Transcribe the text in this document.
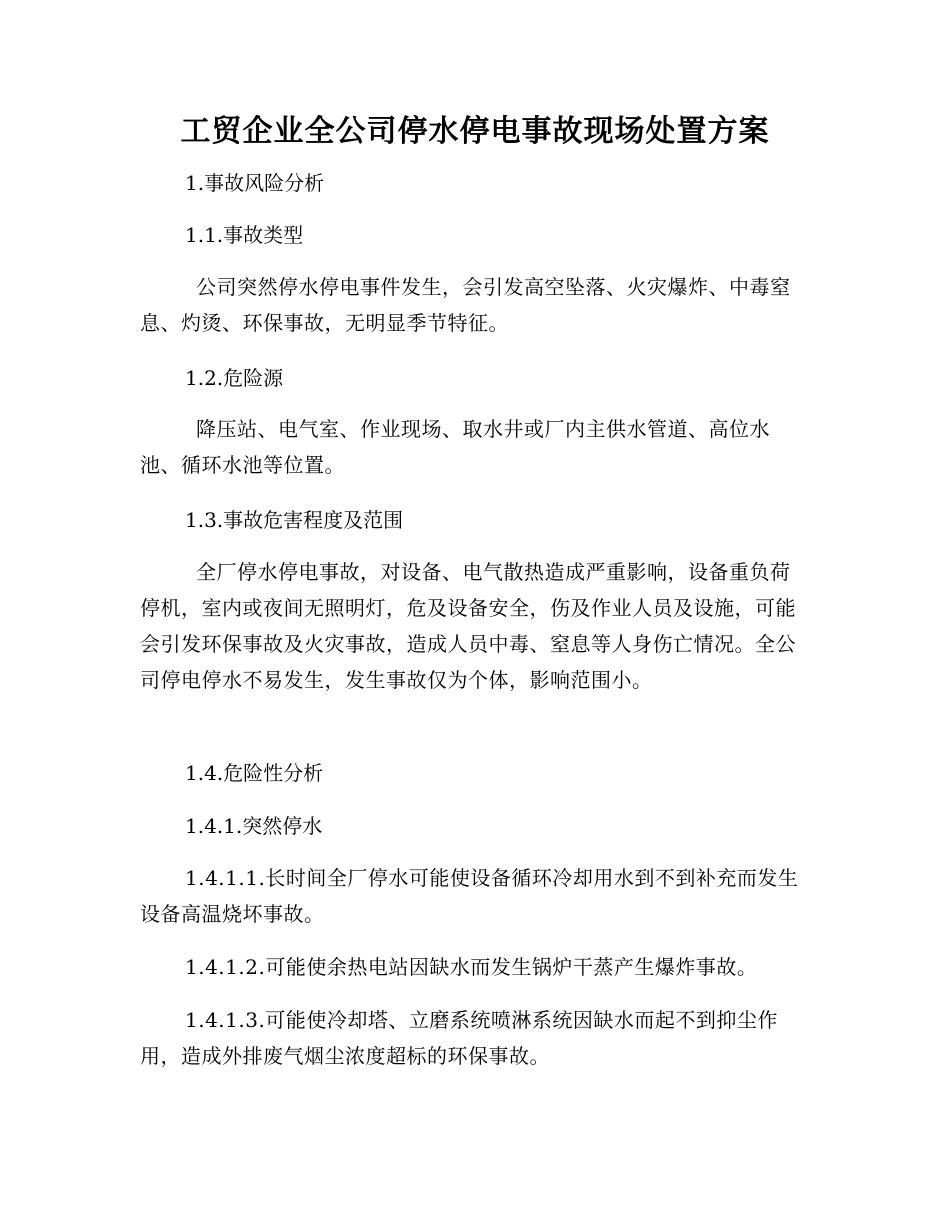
工贸企业全公司停水停电事故现场处置方案
1.事故风险分析
1.1.事故类型
公司突然停水停电事件发生，会引发高空坠落、火灾爆炸、中毒窒息、灼烫、环保事故，无明显季节特征。
1.2.危险源
降压站、电气室、作业现场、取水井或厂内主供水管道、高位水池、循环水池等位置。
1.3.事故危害程度及范围
全厂停水停电事故，对设备、电气散热造成严重影响，设备重负荷停机，室内或夜间无照明灯，危及设备安全，伤及作业人员及设施，可能会引发环保事故及火灾事故，造成人员中毒、窒息等人身伤亡情况。全公司停电停水不易发生，发生事故仅为个体，影响范围小。
1.4.危险性分析
1.4.1.突然停水
1.4.1.1.长时间全厂停水可能使设备循环冷却用水到不到补充而发生设备高温烧坏事故。
1.4.1.2.可能使余热电站因缺水而发生锅炉干蒸产生爆炸事故。
1.4.1.3.可能使冷却塔、立磨系统喷淋系统因缺水而起不到抑尘作用，造成外排废气烟尘浓度超标的环保事故。
